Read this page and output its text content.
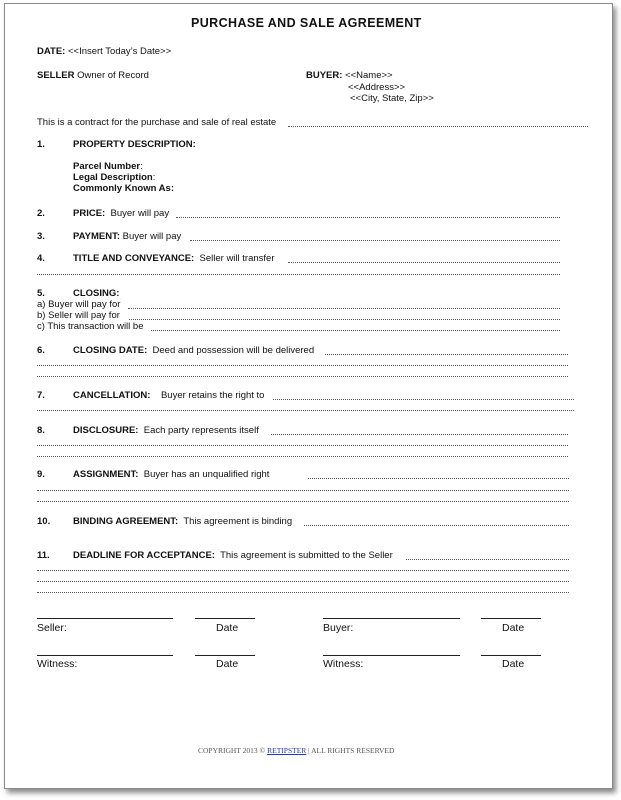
PURCHASE AND SALE AGREEMENT
DATE: <<Insert Today’s Date>>
SELLER Owner of Record	BUYER: <<Name>>
<<Address>>
<<City, State, Zip>>
This is a contract for the purchase and sale of real estate
1.	PROPERTY DESCRIPTION:
Parcel Number:
Legal Description:
Commonly Known As:
2.	PRICE: Buyer will pay
3.	PAYMENT: Buyer will pay
4.	TITLE AND CONVEYANCE: Seller will transfer
5.	CLOSING:
a) Buyer will pay for
b) Seller will pay for
c) This transaction will be
6.	CLOSING DATE: Deed and possession will be delivered
7.	CANCELLATION: Buyer retains the right to
8.	DISCLOSURE: Each party represents itself
9.	ASSIGNMENT: Buyer has an unqualified right
10. BINDING AGREEMENT: This agreement is binding
11. DEADLINE FOR ACCEPTANCE: This agreement is submitted to the Seller
Seller:	Date	Buyer:	Date
Witness:	Date	Witness:	Date
COPYRIGHT 2013 © RETIPSTER | ALL RIGHTS RESERVED
